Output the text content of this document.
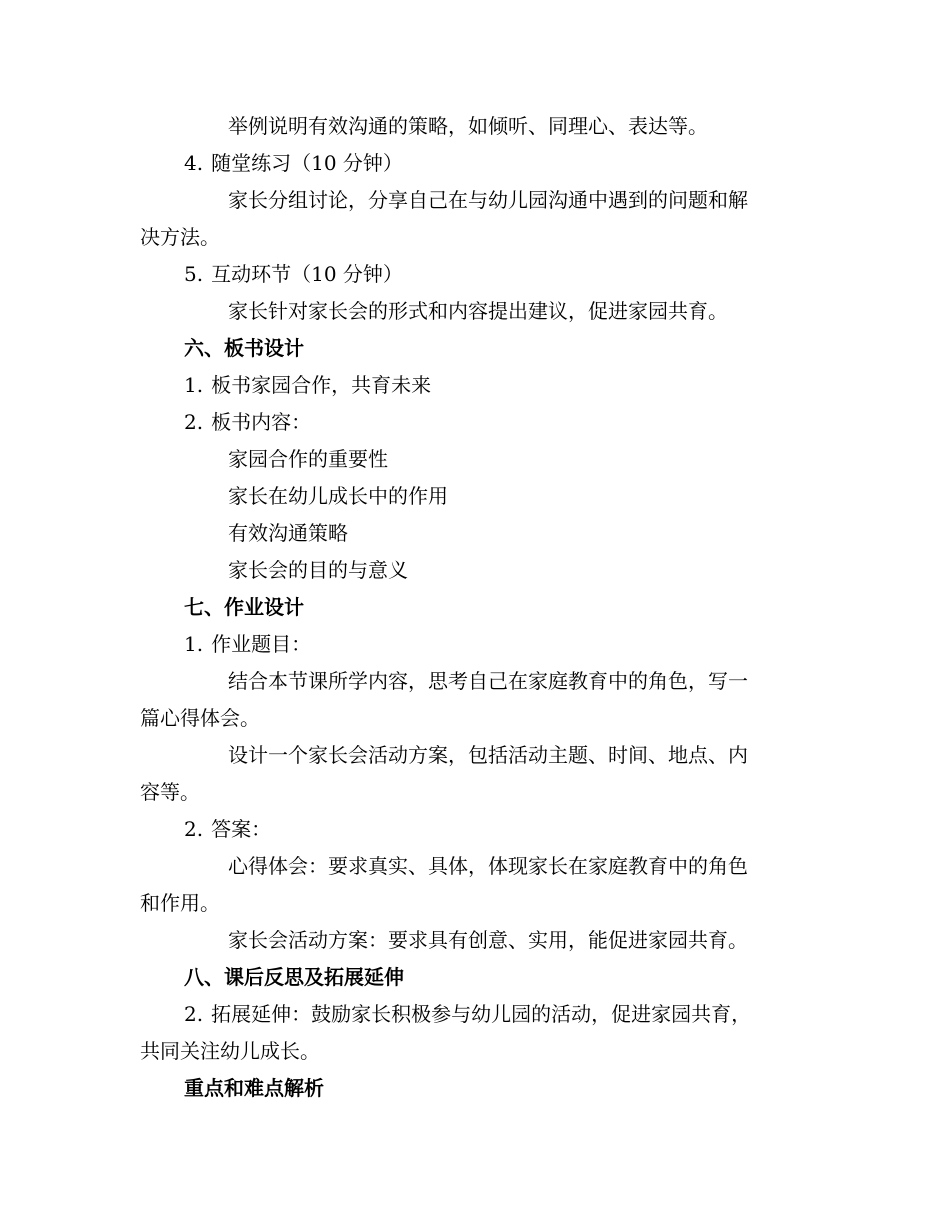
举例说明有效沟通的策略，如倾听、同理心、表达等。
4. 随堂练习（10 分钟）
家长分组讨论，分享自己在与幼儿园沟通中遇到的问题和解
决方法。
5. 互动环节（10 分钟）
家长针对家长会的形式和内容提出建议，促进家园共育。
六、板书设计
1. 板书家园合作，共育未来
2. 板书内容：
家园合作的重要性
家长在幼儿成长中的作用
有效沟通策略
家长会的目的与意义
七、作业设计
1. 作业题目：
结合本节课所学内容，思考自己在家庭教育中的角色，写一
篇心得体会。
设计一个家长会活动方案，包括活动主题、时间、地点、内
容等。
2. 答案：
心得体会：要求真实、具体，体现家长在家庭教育中的角色
和作用。
家长会活动方案：要求具有创意、实用，能促进家园共育。
八、课后反思及拓展延伸
2. 拓展延伸：鼓励家长积极参与幼儿园的活动，促进家园共育，
共同关注幼儿成长。
重点和难点解析
